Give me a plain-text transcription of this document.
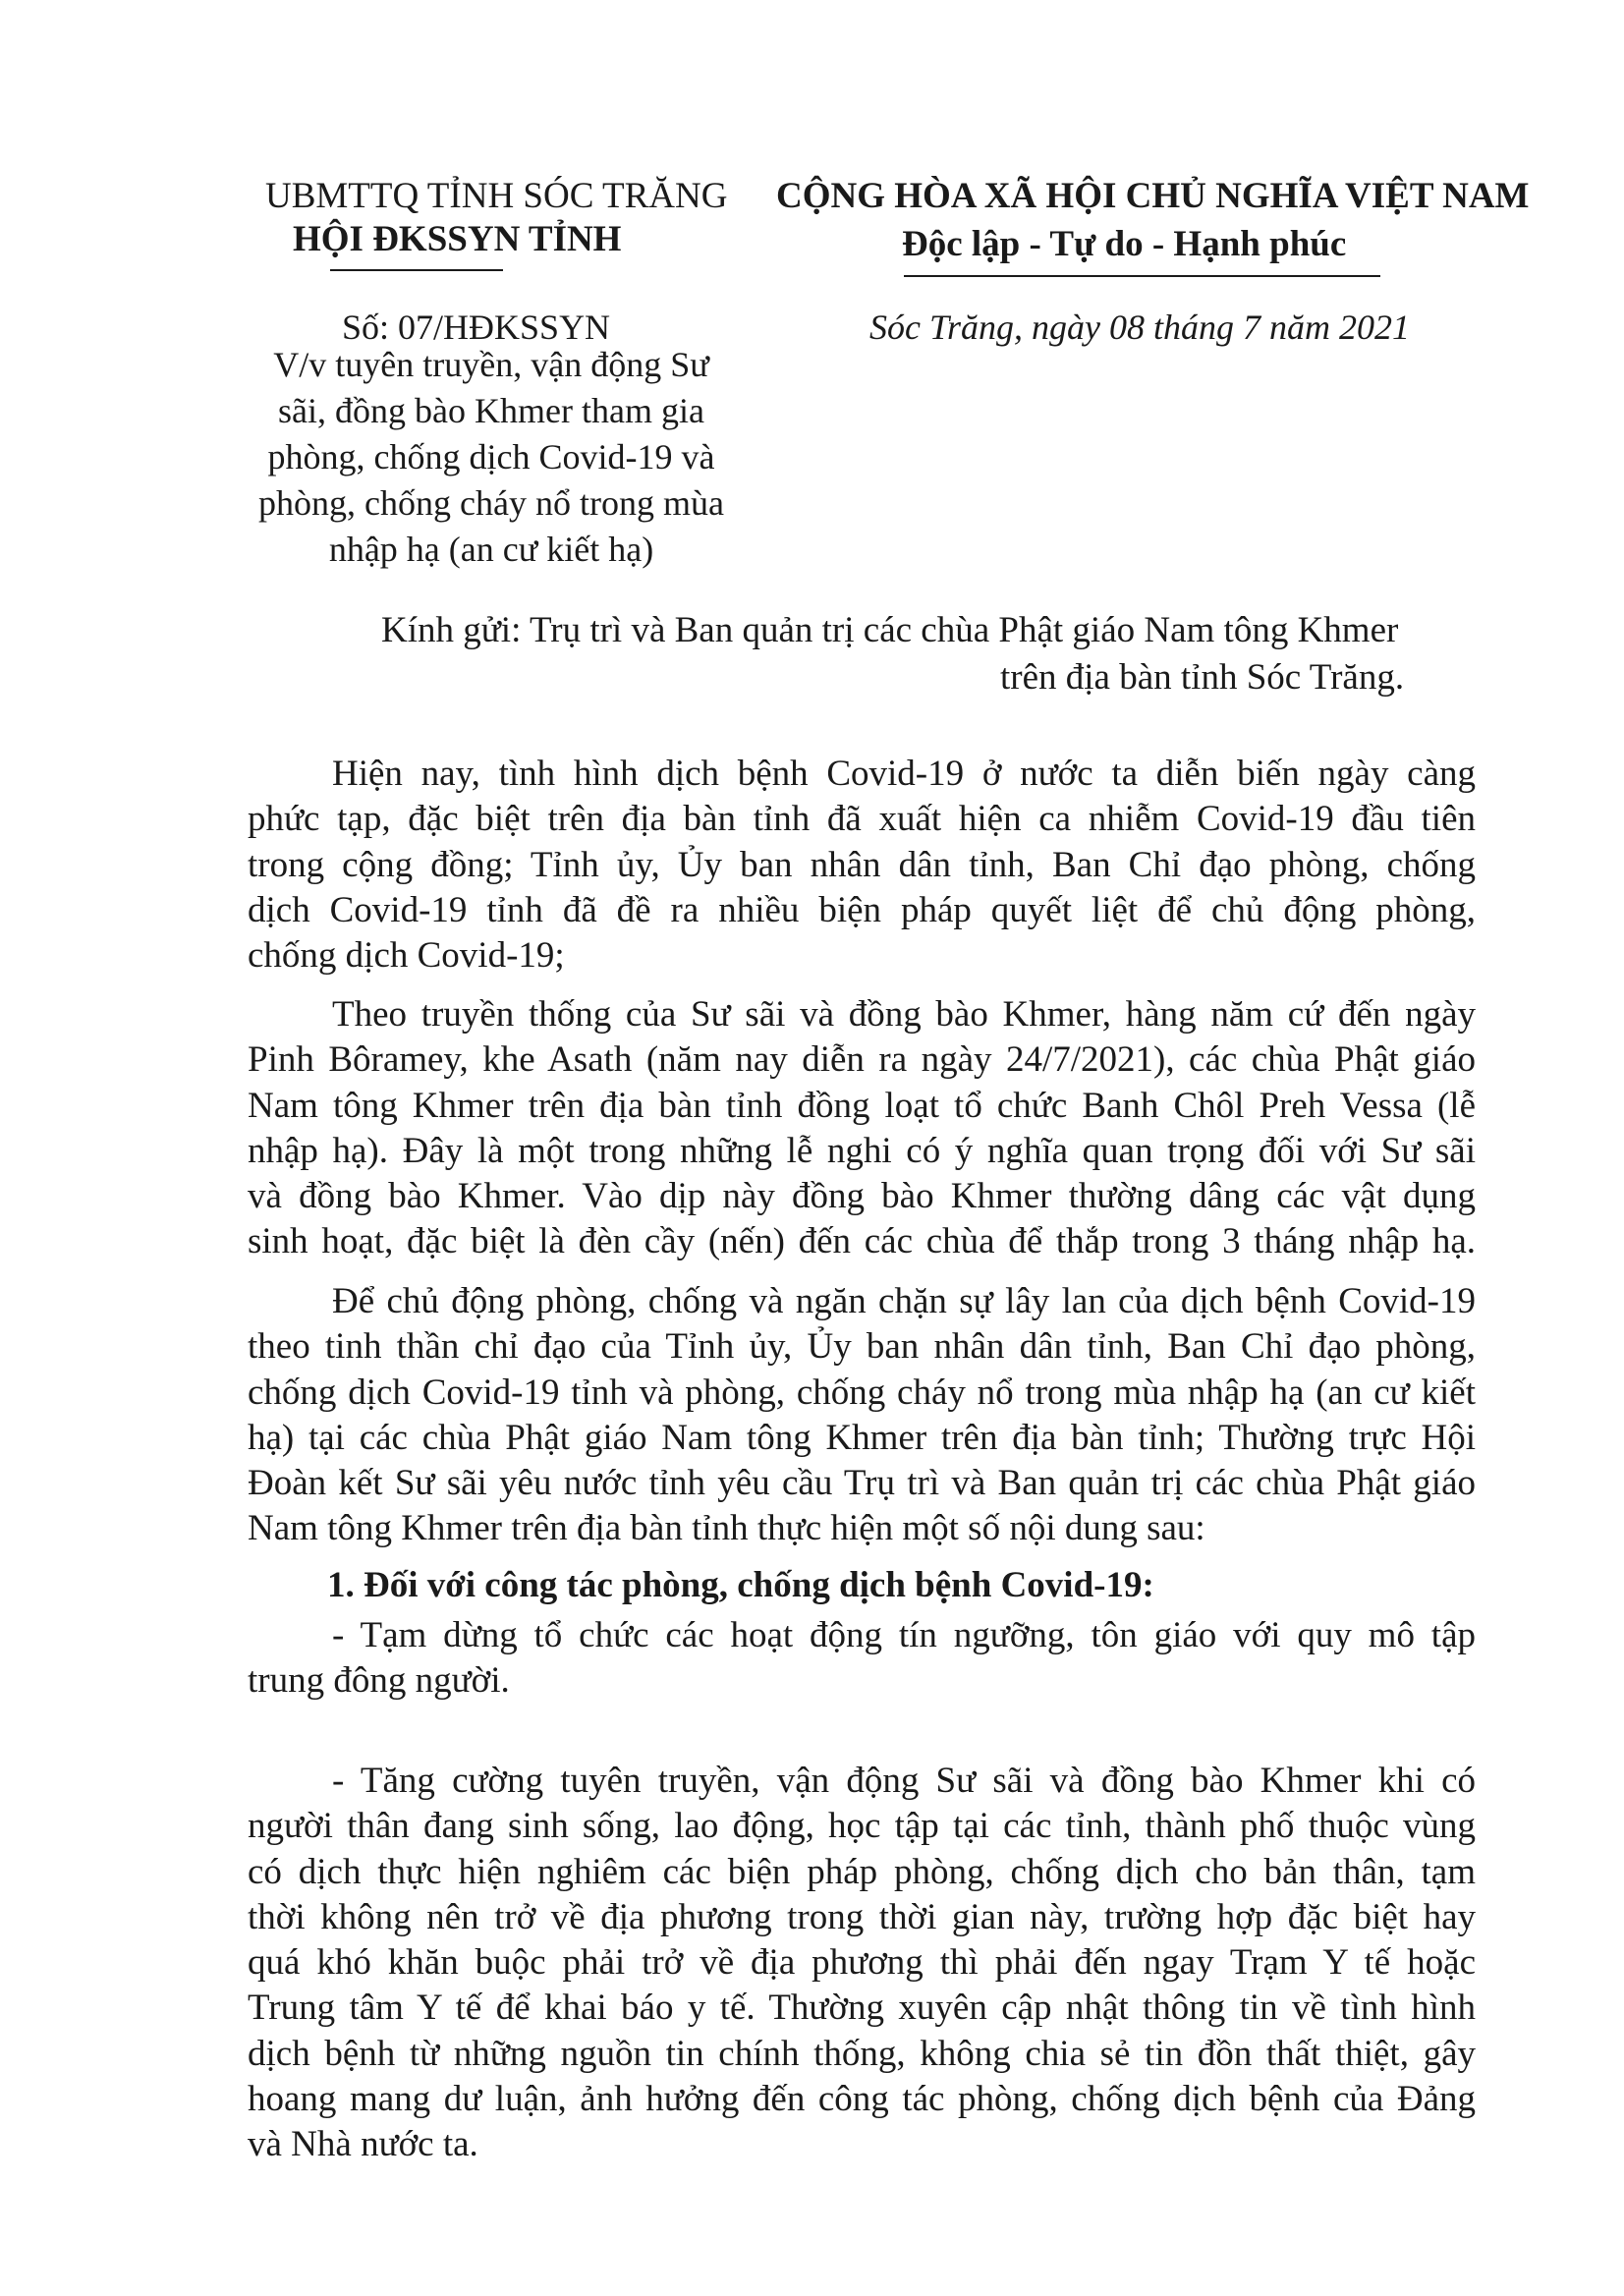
UBMTTQ TỈNH SÓC TRĂNG
HỘI ĐKSSYN TỈNH
CỘNG HÒA XÃ HỘI CHỦ NGHĨA VIỆT NAM
Độc lập - Tự do - Hạnh phúc
Số: 07/HĐKSSYN
V/v tuyên truyền, vận động Sư
sãi, đồng bào Khmer tham gia
phòng, chống dịch Covid-19 và
phòng, chống cháy nổ trong mùa
nhập hạ (an cư kiết hạ)
Sóc Trăng, ngày 08 tháng 7 năm 2021
Kính gửi: Trụ trì và Ban quản trị các chùa Phật giáo Nam tông Khmer
trên địa bàn tỉnh Sóc Trăng.
Hiện nay, tình hình dịch bệnh Covid-19 ở nước ta diễn biến ngày càng
phức tạp, đặc biệt trên địa bàn tỉnh đã xuất hiện ca nhiễm Covid-19 đầu tiên
trong cộng đồng; Tỉnh ủy, Ủy ban nhân dân tỉnh, Ban Chỉ đạo phòng, chống
dịch Covid-19 tỉnh đã đề ra nhiều biện pháp quyết liệt để chủ động phòng,
chống dịch Covid-19;
Theo truyền thống của Sư sãi và đồng bào Khmer, hàng năm cứ đến ngày
Pinh Bôramey, khe Asath (năm nay diễn ra ngày 24/7/2021), các chùa Phật giáo
Nam tông Khmer trên địa bàn tỉnh đồng loạt tổ chức Banh Chôl Preh Vessa (lễ
nhập hạ). Đây là một trong những lễ nghi có ý nghĩa quan trọng đối với Sư sãi
và đồng bào Khmer. Vào dịp này đồng bào Khmer thường dâng các vật dụng
sinh hoạt, đặc biệt là đèn cầy (nến) đến các chùa để thắp trong 3 tháng nhập hạ.
Để chủ động phòng, chống và ngăn chặn sự lây lan của dịch bệnh Covid-19
theo tinh thần chỉ đạo của Tỉnh ủy, Ủy ban nhân dân tỉnh, Ban Chỉ đạo phòng,
chống dịch Covid-19 tỉnh và phòng, chống cháy nổ trong mùa nhập hạ (an cư kiết
hạ) tại các chùa Phật giáo Nam tông Khmer trên địa bàn tỉnh; Thường trực Hội
Đoàn kết Sư sãi yêu nước tỉnh yêu cầu Trụ trì và Ban quản trị các chùa Phật giáo
Nam tông Khmer trên địa bàn tỉnh thực hiện một số nội dung sau:
1. Đối với công tác phòng, chống dịch bệnh Covid-19:
- Tạm dừng tổ chức các hoạt động tín ngưỡng, tôn giáo với quy mô tập
trung đông người.
- Tăng cường tuyên truyền, vận động Sư sãi và đồng bào Khmer khi có
người thân đang sinh sống, lao động, học tập tại các tỉnh, thành phố thuộc vùng
có dịch thực hiện nghiêm các biện pháp phòng, chống dịch cho bản thân, tạm
thời không nên trở về địa phương trong thời gian này, trường hợp đặc biệt hay
quá khó khăn buộc phải trở về địa phương thì phải đến ngay Trạm Y tế hoặc
Trung tâm Y tế để khai báo y tế. Thường xuyên cập nhật thông tin về tình hình
dịch bệnh từ những nguồn tin chính thống, không chia sẻ tin đồn thất thiệt, gây
hoang mang dư luận, ảnh hưởng đến công tác phòng, chống dịch bệnh của Đảng
và Nhà nước ta.
